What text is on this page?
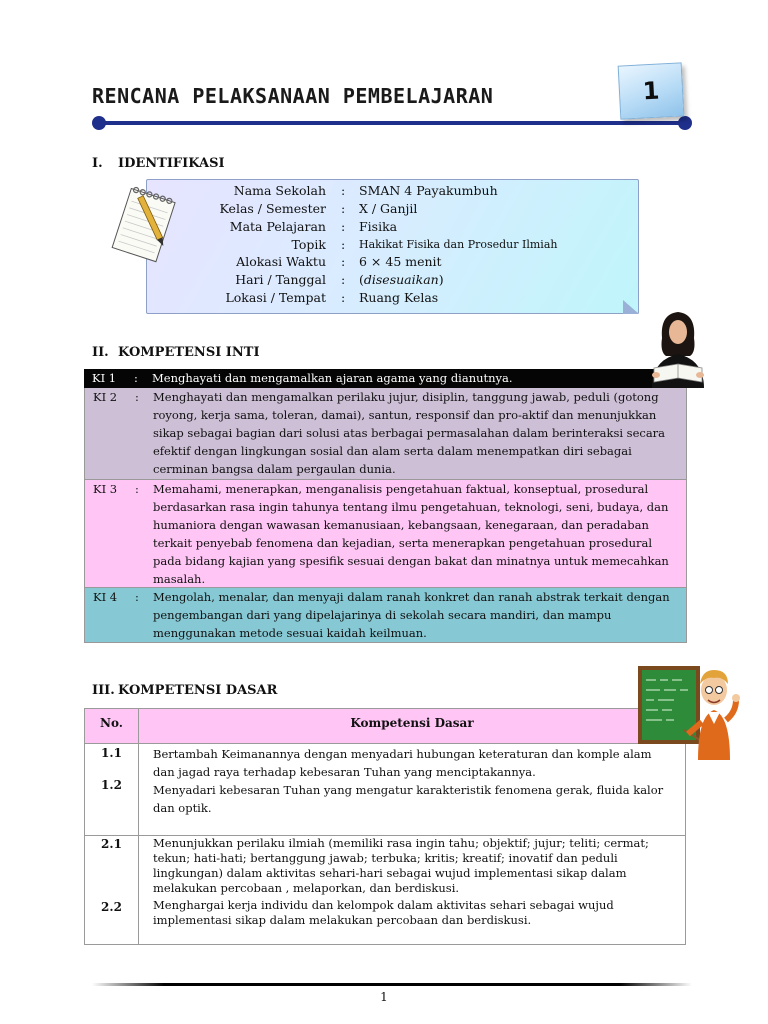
RENCANA PELAKSANAAN PEMBELAJARAN	1
I. IDENTIFIKASI
Nama Sekolah : SMAN 4 Payakumbuh
Kelas / Semester : X / Ganjil
Mata Pelajaran : Fisika
Topik : Hakikat Fisika dan Prosedur Ilmiah
Alokasi Waktu : 6 × 45 menit
Hari / Tanggal : (disesuaikan)
Lokasi / Tempat : Ruang Kelas
II. KOMPETENSI INTI
KI 1 : Menghayati dan mengamalkan ajaran agama yang dianutnya.
KI 2 : Menghayati dan mengamalkan perilaku jujur, disiplin, tanggung jawab, peduli (gotong royong, kerja sama, toleran, damai), santun, responsif dan pro-aktif dan menunjukkan sikap sebagai bagian dari solusi atas berbagai permasalahan dalam berinteraksi secara efektif dengan lingkungan sosial dan alam serta dalam menempatkan diri sebagai cerminan bangsa dalam pergaulan dunia.
KI 3 : Memahami, menerapkan, menganalisis pengetahuan faktual, konseptual, prosedural berdasarkan rasa ingin tahunya tentang ilmu pengetahuan, teknologi, seni, budaya, dan humaniora dengan wawasan kemanusiaan, kebangsaan, kenegaraan, dan peradaban terkait penyebab fenomena dan kejadian, serta menerapkan pengetahuan prosedural pada bidang kajian yang spesifik sesuai dengan bakat dan minatnya untuk memecahkan masalah.
KI 4 : Mengolah, menalar, dan menyaji dalam ranah konkret dan ranah abstrak terkait dengan pengembangan dari yang dipelajarinya di sekolah secara mandiri, dan mampu menggunakan metode sesuai kaidah keilmuan.
III. KOMPETENSI DASAR
No.	Kompetensi Dasar
1.1	Bertambah Keimanannya dengan menyadari hubungan keteraturan dan komple alam dan jagad raya terhadap kebesaran Tuhan yang menciptakannya.
1.2	Menyadari kebesaran Tuhan yang mengatur karakteristik fenomena gerak, fluida kalor dan optik.
2.1	Menunjukkan perilaku ilmiah (memiliki rasa ingin tahu; objektif; jujur; teliti; cermat; tekun; hati-hati; bertanggung jawab; terbuka; kritis; kreatif; inovatif dan peduli lingkungan) dalam aktivitas sehari-hari sebagai wujud implementasi sikap dalam melakukan percobaan , melaporkan, dan berdiskusi.
2.2	Menghargai kerja individu dan kelompok dalam aktivitas sehari sebagai wujud implementasi sikap dalam melakukan percobaan dan berdiskusi.
1
